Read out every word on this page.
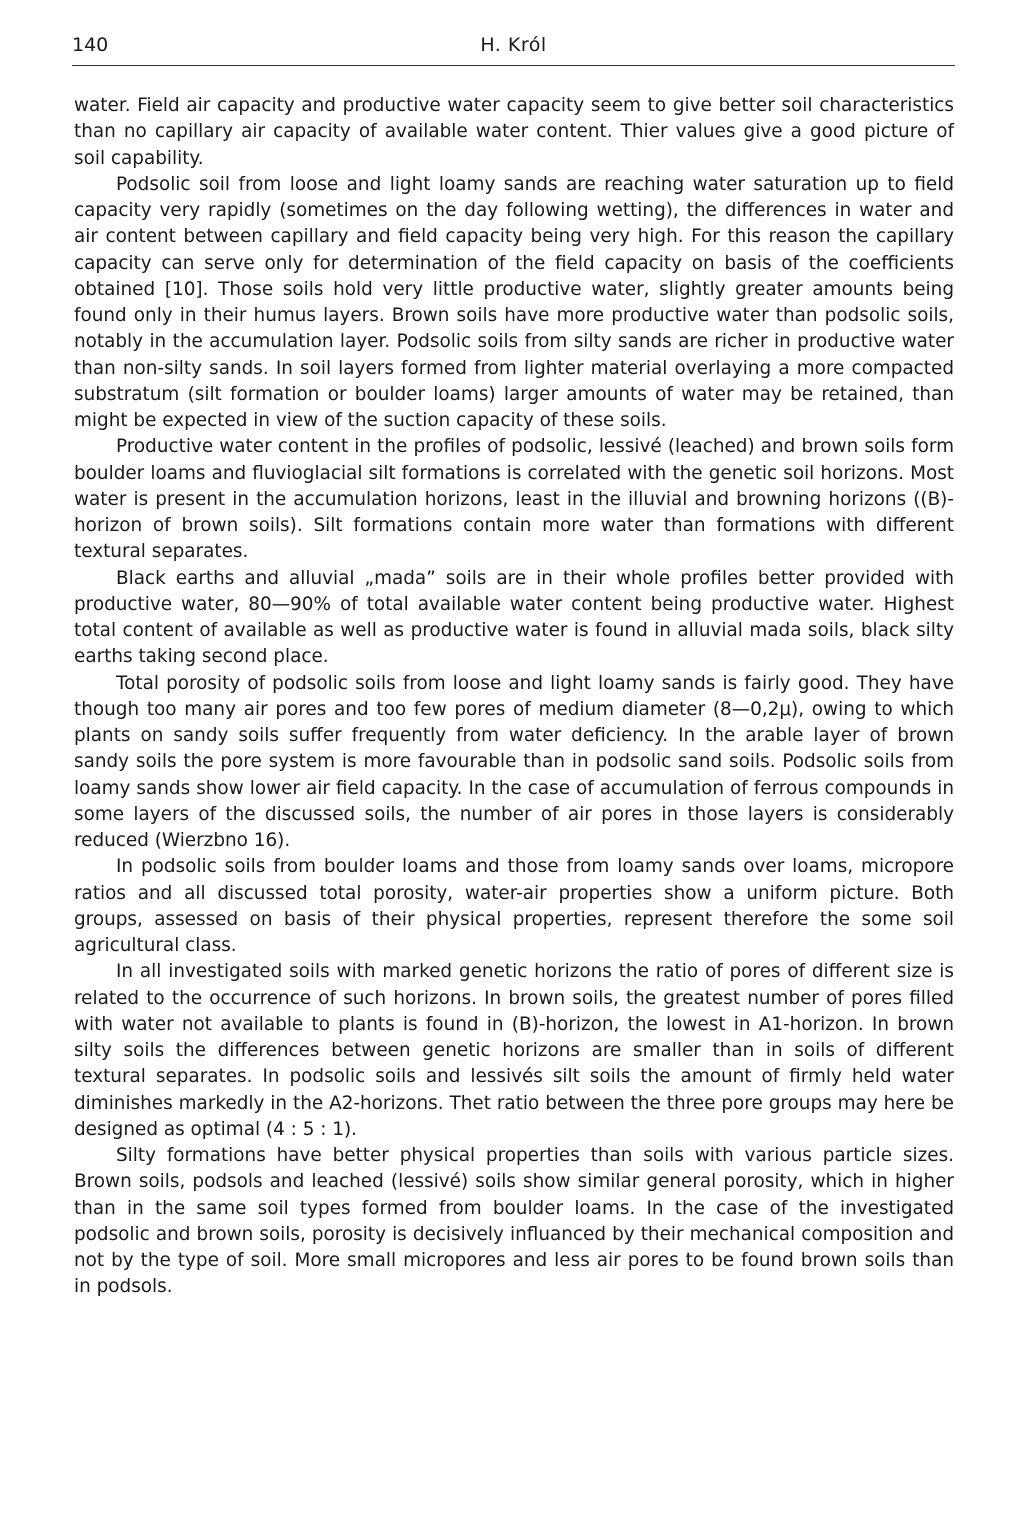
140	H. Król

water. Field air capacity and productive water capacity seem to give better soil characteristics than no capillary air capacity of available water content. Thier values give a good picture of soil capability.

Podsolic soil from loose and light loamy sands are reaching water saturation up to field capacity very rapidly (sometimes on the day following wetting), the differences in water and air content between capillary and field capacity being very high. For this reason the capillary capacity can serve only for determination of the field capacity on basis of the coefficients obtained [10]. Those soils hold very little productive water, slightly greater amounts being found only in their humus layers. Brown soils have more productive water than podsolic soils, notably in the accumulation layer. Podsolic soils from silty sands are richer in productive water than non-silty sands. In soil layers formed from lighter material overlaying a more compacted substratum (silt formation or boulder loams) larger amounts of water may be retained, than might be expected in view of the suction capacity of these soils.

Productive water content in the profiles of podsolic, lessivé (leached) and brown soils form boulder loams and fluvioglacial silt formations is correlated with the genetic soil horizons. Most water is present in the accumulation horizons, least in the illuvial and browning horizons ((B)-horizon of brown soils). Silt formations contain more water than formations with different textural separates.

Black earths and alluvial „mada” soils are in their whole profiles better provided with productive water, 80—90% of total available water content being productive water. Highest total content of available as well as productive water is found in alluvial mada soils, black silty earths taking second place.

Total porosity of podsolic soils from loose and light loamy sands is fairly good. They have though too many air pores and too few pores of medium diameter (8—0,2μ), owing to which plants on sandy soils suffer frequently from water deficiency. In the arable layer of brown sandy soils the pore system is more favourable than in podsolic sand soils. Podsolic soils from loamy sands show lower air field capacity. In the case of accumulation of ferrous compounds in some layers of the discussed soils, the number of air pores in those layers is considerably reduced (Wierzbno 16).

In podsolic soils from boulder loams and those from loamy sands over loams, micropore ratios and all discussed total porosity, water-air properties show a uniform picture. Both groups, assessed on basis of their physical properties, represent therefore the some soil agricultural class.

In all investigated soils with marked genetic horizons the ratio of pores of different size is related to the occurrence of such horizons. In brown soils, the greatest number of pores filled with water not available to plants is found in (B)-horizon, the lowest in A1-horizon. In brown silty soils the differences between genetic horizons are smaller than in soils of different textural separates. In podsolic soils and lessivés silt soils the amount of firmly held water diminishes markedly in the A2-horizons. Thet ratio between the three pore groups may here be designed as optimal (4 : 5 : 1).

Silty formations have better physical properties than soils with various particle sizes. Brown soils, podsols and leached (lessivé) soils show similar general porosity, which in higher than in the same soil types formed from boulder loams. In the case of the investigated podsolic and brown soils, porosity is decisively influanced by their mechanical composition and not by the type of soil. More small micropores and less air pores to be found brown soils than in podsols.
